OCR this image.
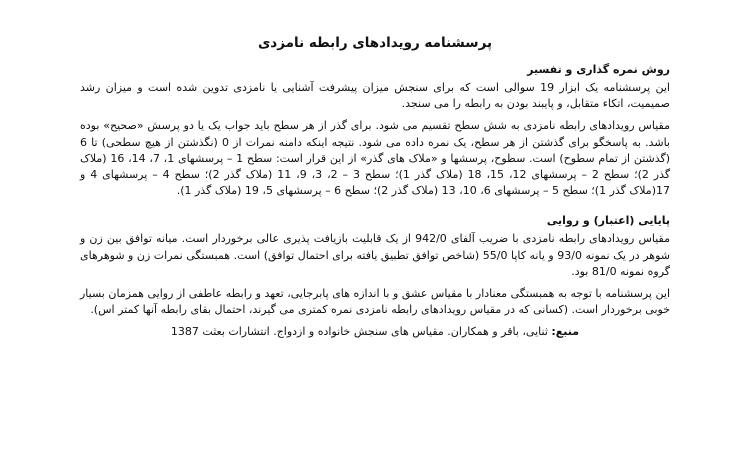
پرسشنامه رویدادهای رابطه نامزدی
روش نمره گذاری و تفسیر

این پرسشنامه یک ابزار 19 سوالی است که برای سنجش میزان پیشرفت آشنایی یا نامزدی تدوین شده است و میزان رشد صمیمیت، اتکاء متقابل، و پایبند بودن به رابطه را می سنجد.

مقیاس رویدادهای رابطه نامزدی به شش سطح تقسیم می شود. برای گذر از هر سطح باید جواب یک یا دو پرسش «صحیح» بوده باشد. به پاسخگو برای گذشتن از هر سطح، یک نمره داده می شود. نتیجه اینکه دامنه نمرات از 0 (نگذشتن از هیچ سطحی) تا 6 (گذشتن از تمام سطوح) است. سطوح، پرسشها و «ملاک های گذر» از این قرار است: سطح 1 – پرسشهای 1، 7، 14، 16 (ملاک گذر 2)؛ سطح 2 – پرسشهای 12، 15، 18 (ملاک گذر 1)؛ سطح 3 – 2، 3، 9، 11 (ملاک گذر 2)؛ سطح 4 – پرسشهای 4 و 17(ملاک گذر 1)؛ سطح 5 – پرسشهای 6، 10، 13 (ملاک گذر 2)؛ سطح 6 – پرسشهای 5، 19 (ملاک گذر 1).

پایایی (اعتبار) و روایی

مقیاس رویدادهای رابطه نامزدی با ضریب آلفای 942/0 از یک قابلیت بازیافت پذیری عالی برخوردار است. میانه توافق بین زن و شوهر در یک نمونه 93/0 و یانه کاپا 55/0 (شاخص توافق تطبیق یافته برای احتمال توافق) است. همبستگی نمرات زن و شوهرهای گروه نمونه 81/0 بود.

این پرسشنامه با توجه به همبستگی معنادار با مقیاس عشق و با اندازه های پابرجایی، تعهد و رابطه عاطفی از روایی همزمان بسیار خوبی برخوردار است. (کسانی که در مقیاس رویدادهای رابطه نامزدی نمره کمتری می گیرند، احتمال بقای رابطه آنها کمتر اس).

منبع: ثنایی، باقر و همکاران. مقیاس های سنجش خانواده و ازدواج. انتشارات بعثت 1387
